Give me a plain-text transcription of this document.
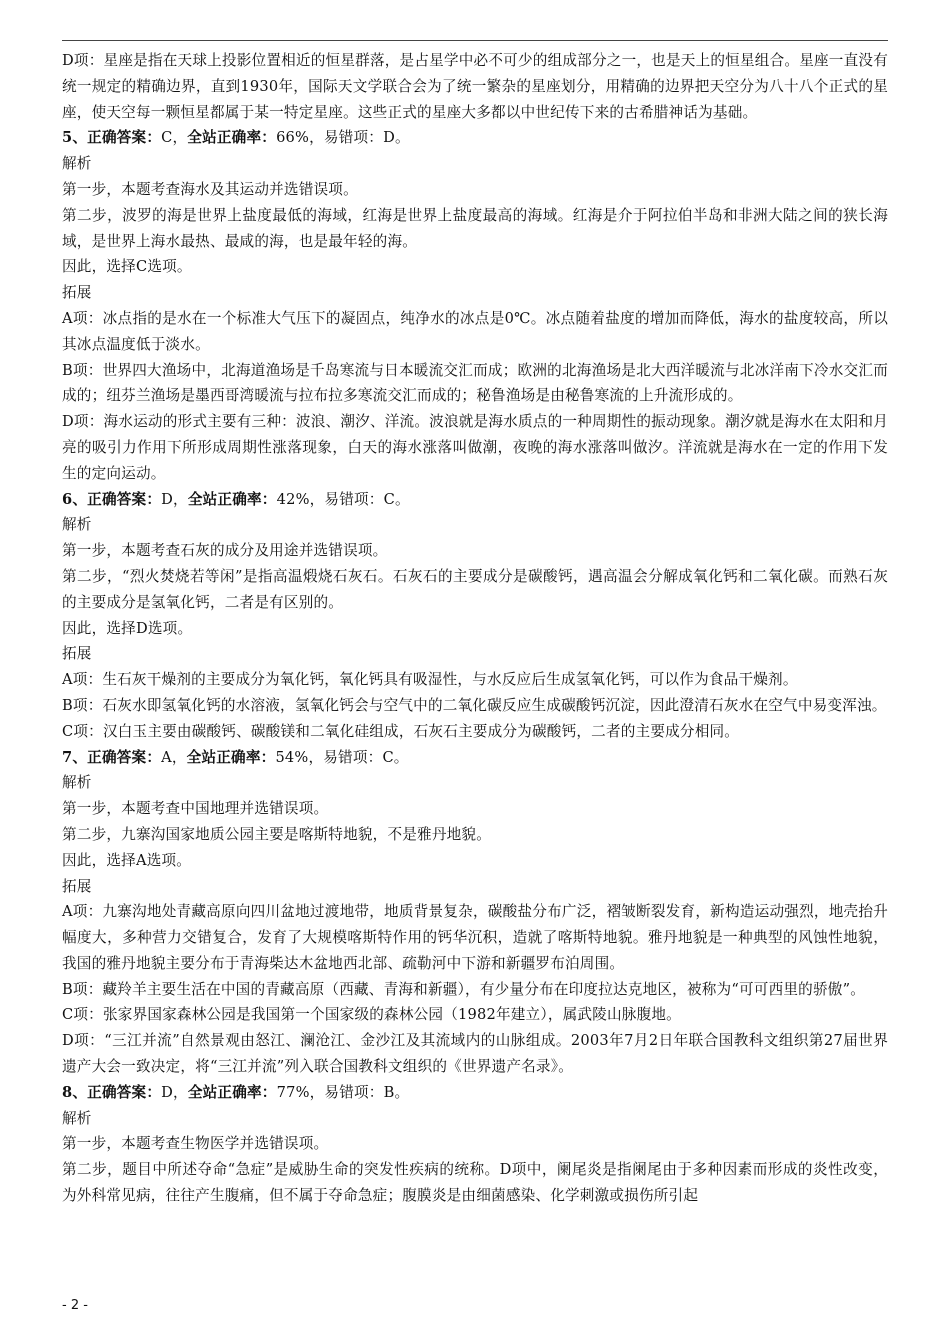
D项：星座是指在天球上投影位置相近的恒星群落，是占星学中必不可少的组成部分之一，也是天上的恒星组合。星座一直没有统一规定的精确边界，直到1930年，国际天文学联合会为了统一繁杂的星座划分，用精确的边界把天空分为八十八个正式的星座，使天空每一颗恒星都属于某一特定星座。这些正式的星座大多都以中世纪传下来的古希腊神话为基础。

5、正确答案：C，全站正确率：66%，易错项：D。

解析

第一步，本题考查海水及其运动并选错误项。

第二步，波罗的海是世界上盐度最低的海域，红海是世界上盐度最高的海域。红海是介于阿拉伯半岛和非洲大陆之间的狭长海域，是世界上海水最热、最咸的海，也是最年轻的海。

因此，选择C选项。

拓展

A项：冰点指的是水在一个标准大气压下的凝固点，纯净水的冰点是0℃。冰点随着盐度的增加而降低，海水的盐度较高，所以其冰点温度低于淡水。

B项：世界四大渔场中，北海道渔场是千岛寒流与日本暖流交汇而成；欧洲的北海渔场是北大西洋暖流与北冰洋南下冷水交汇而成的；纽芬兰渔场是墨西哥湾暖流与拉布拉多寒流交汇而成的；秘鲁渔场是由秘鲁寒流的上升流形成的。

D项：海水运动的形式主要有三种：波浪、潮汐、洋流。波浪就是海水质点的一种周期性的振动现象。潮汐就是海水在太阳和月亮的吸引力作用下所形成周期性涨落现象，白天的海水涨落叫做潮，夜晚的海水涨落叫做汐。洋流就是海水在一定的作用下发生的定向运动。

6、正确答案：D，全站正确率：42%，易错项：C。

解析

第一步，本题考查石灰的成分及用途并选错误项。

第二步，“烈火焚烧若等闲”是指高温煅烧石灰石。石灰石的主要成分是碳酸钙，遇高温会分解成氧化钙和二氧化碳。而熟石灰的主要成分是氢氧化钙，二者是有区别的。

因此，选择D选项。

拓展

A项：生石灰干燥剂的主要成分为氧化钙，氧化钙具有吸湿性，与水反应后生成氢氧化钙，可以作为食品干燥剂。

B项：石灰水即氢氧化钙的水溶液，氢氧化钙会与空气中的二氧化碳反应生成碳酸钙沉淀，因此澄清石灰水在空气中易变浑浊。

C项：汉白玉主要由碳酸钙、碳酸镁和二氧化硅组成，石灰石主要成分为碳酸钙，二者的主要成分相同。

7、正确答案：A，全站正确率：54%，易错项：C。

解析

第一步，本题考查中国地理并选错误项。

第二步，九寨沟国家地质公园主要是喀斯特地貌，不是雅丹地貌。

因此，选择A选项。

拓展

A项：九寨沟地处青藏高原向四川盆地过渡地带，地质背景复杂，碳酸盐分布广泛，褶皱断裂发育，新构造运动强烈，地壳抬升幅度大，多种营力交错复合，发育了大规模喀斯特作用的钙华沉积，造就了喀斯特地貌。雅丹地貌是一种典型的风蚀性地貌，我国的雅丹地貌主要分布于青海柴达木盆地西北部、疏勒河中下游和新疆罗布泊周围。

B项：藏羚羊主要生活在中国的青藏高原（西藏、青海和新疆），有少量分布在印度拉达克地区，被称为“可可西里的骄傲”。

C项：张家界国家森林公园是我国第一个国家级的森林公园（1982年建立），属武陵山脉腹地。

D项：“三江并流”自然景观由怒江、澜沧江、金沙江及其流域内的山脉组成。2003年7月2日年联合国教科文组织第27届世界遗产大会一致决定，将“三江并流”列入联合国教科文组织的《世界遗产名录》。

8、正确答案：D，全站正确率：77%，易错项：B。

解析

第一步，本题考查生物医学并选错误项。

第二步，题目中所述夺命“急症”是威胁生命的突发性疾病的统称。D项中，阑尾炎是指阑尾由于多种因素而形成的炎性改变，为外科常见病，往往产生腹痛，但不属于夺命急症；腹膜炎是由细菌感染、化学刺激或损伤所引起

- 2 -
